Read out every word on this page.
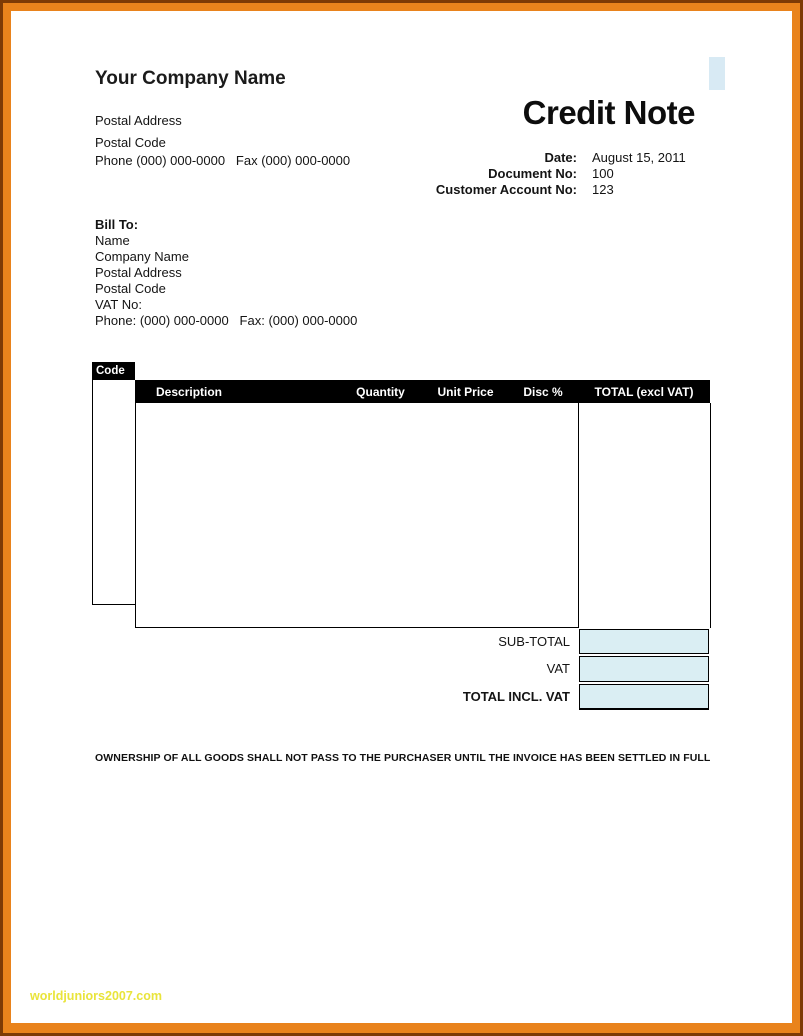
Your Company Name
Postal Address
Postal Code
Phone (000) 000-0000   Fax (000) 000-0000
Credit Note
Date: August 15, 2011
Document No: 100
Customer Account No: 123
Bill To:
Name
Company Name
Postal Address
Postal Code
VAT No:
Phone: (000) 000-0000   Fax: (000) 000-0000
Code
Description	Quantity	Unit Price	Disc %	TOTAL (excl VAT)
SUB-TOTAL
VAT
TOTAL INCL. VAT
OWNERSHIP OF ALL GOODS SHALL NOT PASS TO THE PURCHASER UNTIL THE INVOICE HAS BEEN SETTLED IN FULL
worldjuniors2007.com
